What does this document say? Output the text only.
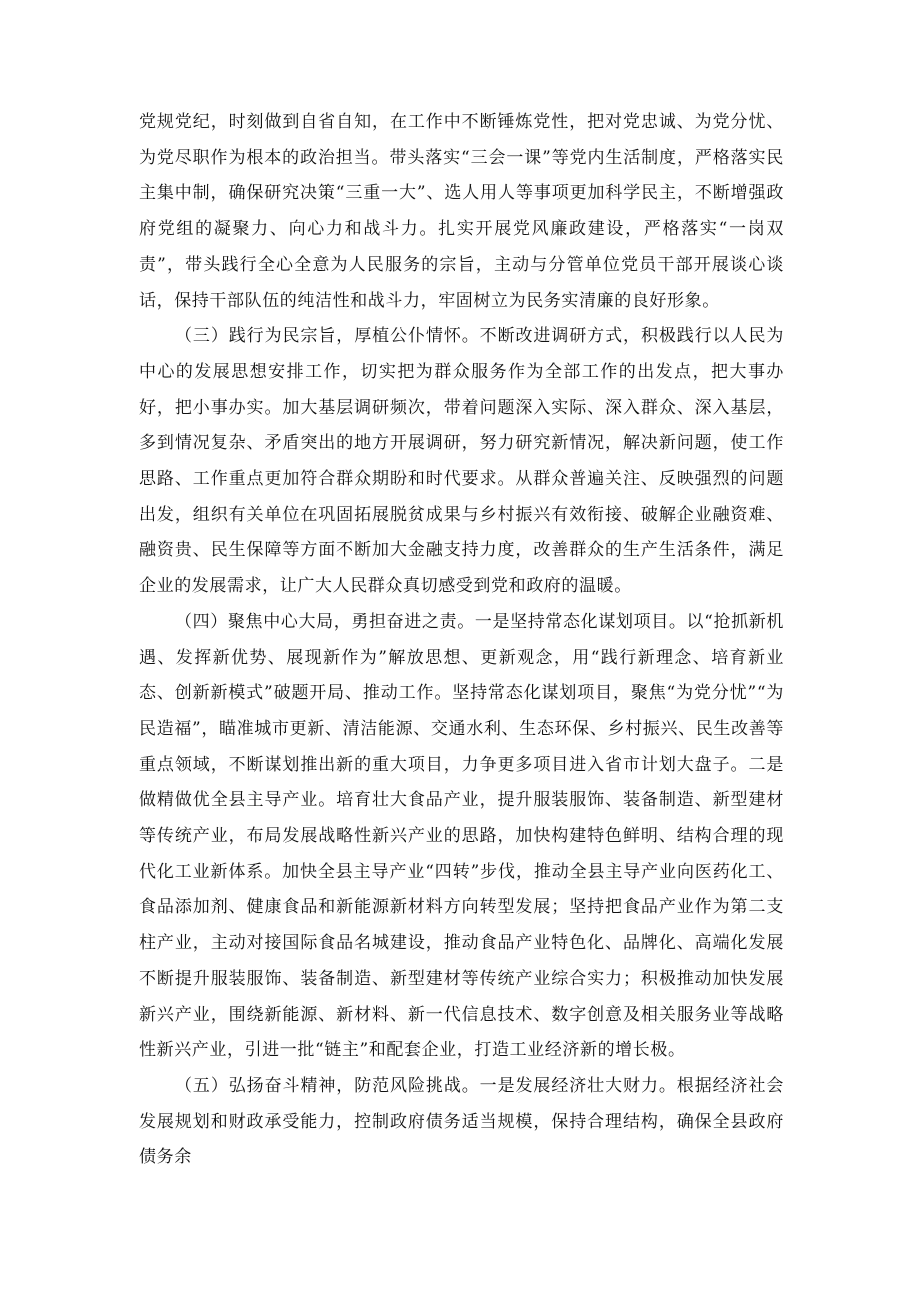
党规党纪，时刻做到自省自知，在工作中不断锤炼党性，把对党忠诚、为党分忧、为党尽职作为根本的政治担当。带头落实“三会一课”等党内生活制度，严格落实民主集中制，确保研究决策“三重一大”、选人用人等事项更加科学民主，不断增强政府党组的凝聚力、向心力和战斗力。扎实开展党风廉政建设，严格落实“一岗双责”，带头践行全心全意为人民服务的宗旨，主动与分管单位党员干部开展谈心谈话，保持干部队伍的纯洁性和战斗力，牢固树立为民务实清廉的良好形象。

（三）践行为民宗旨，厚植公仆情怀。不断改进调研方式，积极践行以人民为中心的发展思想安排工作，切实把为群众服务作为全部工作的出发点，把大事办好，把小事办实。加大基层调研频次，带着问题深入实际、深入群众、深入基层，多到情况复杂、矛盾突出的地方开展调研，努力研究新情况，解决新问题，使工作思路、工作重点更加符合群众期盼和时代要求。从群众普遍关注、反映强烈的问题出发，组织有关单位在巩固拓展脱贫成果与乡村振兴有效衔接、破解企业融资难、融资贵、民生保障等方面不断加大金融支持力度，改善群众的生产生活条件，满足企业的发展需求，让广大人民群众真切感受到党和政府的温暖。

（四）聚焦中心大局，勇担奋进之责。一是坚持常态化谋划项目。以“抢抓新机遇、发挥新优势、展现新作为”解放思想、更新观念，用“践行新理念、培育新业态、创新新模式”破题开局、推动工作。坚持常态化谋划项目，聚焦“为党分忧”“为民造福”，瞄准城市更新、清洁能源、交通水利、生态环保、乡村振兴、民生改善等重点领域，不断谋划推出新的重大项目，力争更多项目进入省市计划大盘子。二是做精做优全县主导产业。培育壮大食品产业，提升服装服饰、装备制造、新型建材等传统产业，布局发展战略性新兴产业的思路，加快构建特色鲜明、结构合理的现代化工业新体系。加快全县主导产业“四转”步伐，推动全县主导产业向医药化工、食品添加剂、健康食品和新能源新材料方向转型发展；坚持把食品产业作为第二支柱产业，主动对接国际食品名城建设，推动食品产业特色化、品牌化、高端化发展 不断提升服装服饰、装备制造、新型建材等传统产业综合实力；积极推动加快发展新兴产业，围绕新能源、新材料、新一代信息技术、数字创意及相关服务业等战略性新兴产业，引进一批“链主”和配套企业，打造工业经济新的增长极。

（五）弘扬奋斗精神，防范风险挑战。一是发展经济壮大财力。根据经济社会发展规划和财政承受能力，控制政府债务适当规模，保持合理结构，确保全县政府债务余
